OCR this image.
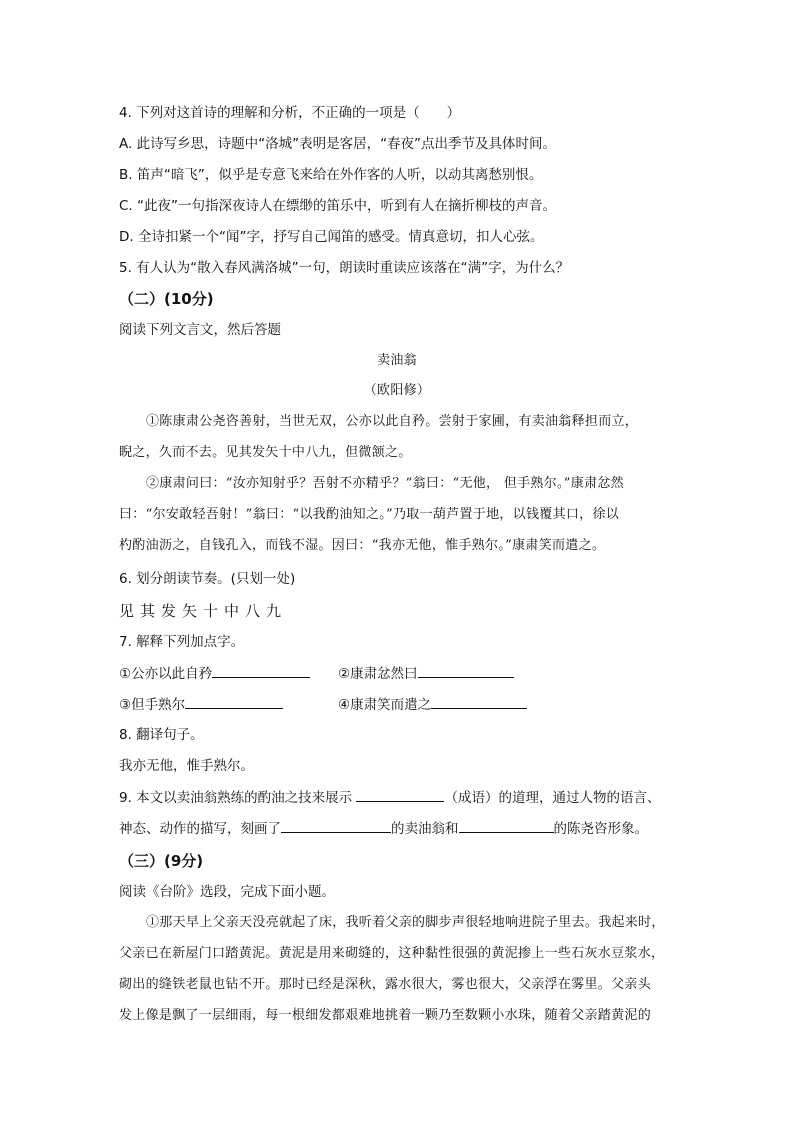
4. 下列对这首诗的理解和分析，不正确的一项是（　　）
A. 此诗写乡思，诗题中“洛城”表明是客居，“春夜”点出季节及具体时间。
B. 笛声“暗飞”，似乎是专意飞来给在外作客的人听，以动其离愁别恨。
C. “此夜”一句指深夜诗人在缥缈的笛乐中，听到有人在摘折柳枝的声音。
D. 全诗扣紧一个“闻”字，抒写自己闻笛的感受。情真意切，扣人心弦。
5. 有人认为“散入春风满洛城”一句，朗读时重读应该落在“满”字，为什么？
（二）(10分)
阅读下列文言文，然后答题
卖油翁
（欧阳修）
①陈康肃公尧咨善射，当世无双，公亦以此自矜。尝射于家圃，有卖油翁释担而立，
睨之，久而不去。见其发矢十中八九，但微颔之。
②康肃问曰：“汝亦知射乎？吾射不亦精乎？”翁曰：“无他， 但手熟尔。”康肃忿然
曰：“尔安敢轻吾射！”翁曰：“以我酌油知之。”乃取一葫芦置于地，以钱覆其口，徐以
杓酌油沥之，自钱孔入，而钱不湿。因曰：“我亦无他，惟手熟尔。”康肃笑而遣之。
6. 划分朗读节奏。(只划一处)
见其发矢十中八九
7. 解释下列加点字。
①公亦以此自矜	②康肃忿然曰
③但手熟尔	④康肃笑而遣之
8. 翻译句子。
我亦无他，惟手熟尔。
9. 本文以卖油翁熟练的酌油之技来展示	（成语）的道理，通过人物的语言、
神态、动作的描写，刻画了	的卖油翁和	的陈尧咨形象。
（三）(9分)
阅读《台阶》选段，完成下面小题。
①那天早上父亲天没亮就起了床，我听着父亲的脚步声很轻地响进院子里去。我起来时，
父亲已在新屋门口踏黄泥。黄泥是用来砌缝的，这种黏性很强的黄泥掺上一些石灰水豆浆水，
砌出的缝铁老鼠也钻不开。那时已经是深秋，露水很大，雾也很大，父亲浮在雾里。父亲头
发上像是飘了一层细雨，每一根细发都艰难地挑着一颗乃至数颗小水珠，随着父亲踏黄泥的
